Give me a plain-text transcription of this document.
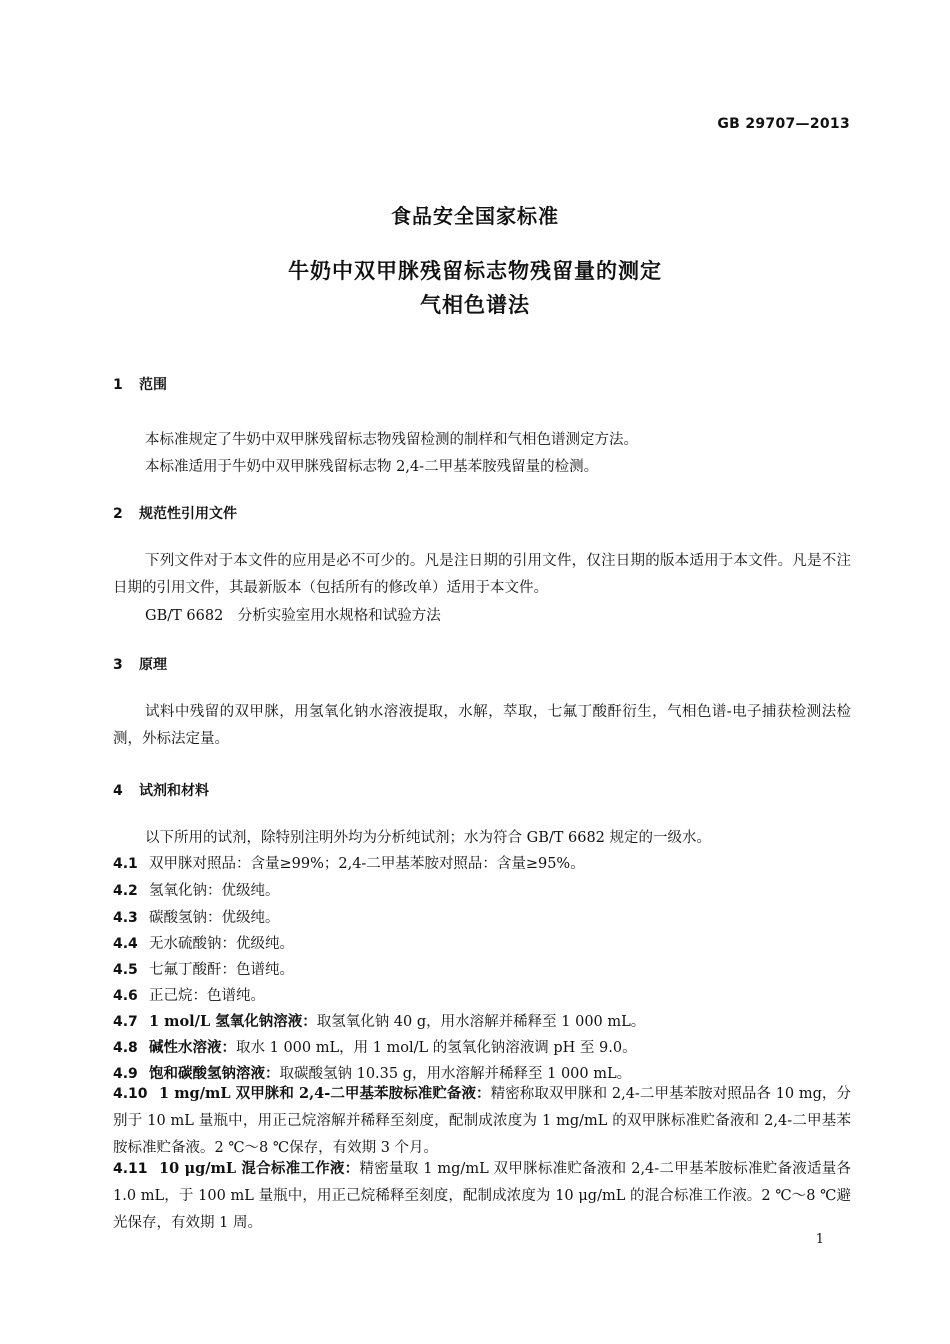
GB 29707—2013
食品安全国家标准
牛奶中双甲脒残留标志物残留量的测定
气相色谱法
1 范围
本标准规定了牛奶中双甲脒残留标志物残留检测的制样和气相色谱测定方法。
本标准适用于牛奶中双甲脒残留标志物 2,4-二甲基苯胺残留量的检测。
2 规范性引用文件
下列文件对于本文件的应用是必不可少的。凡是注日期的引用文件，仅注日期的版本适用于本文件。凡是不注日期的引用文件，其最新版本（包括所有的修改单）适用于本文件。
GB/T 6682　分析实验室用水规格和试验方法
3 原理
试料中残留的双甲脒，用氢氧化钠水溶液提取，水解，萃取，七氟丁酸酐衍生，气相色谱-电子捕获检测法检测，外标法定量。
4 试剂和材料
以下所用的试剂，除特别注明外均为分析纯试剂；水为符合 GB/T 6682 规定的一级水。
4.1 双甲脒对照品：含量≥99%；2,4-二甲基苯胺对照品：含量≥95%。
4.2 氢氧化钠：优级纯。
4.3 碳酸氢钠：优级纯。
4.4 无水硫酸钠：优级纯。
4.5 七氟丁酸酐：色谱纯。
4.6 正己烷：色谱纯。
4.7 1 mol/L 氢氧化钠溶液：取氢氧化钠 40 g，用水溶解并稀释至 1 000 mL。
4.8 碱性水溶液：取水 1 000 mL，用 1 mol/L 的氢氧化钠溶液调 pH 至 9.0。
4.9 饱和碳酸氢钠溶液：取碳酸氢钠 10.35 g，用水溶解并稀释至 1 000 mL。
4.10 1 mg/mL 双甲脒和 2,4-二甲基苯胺标准贮备液：精密称取双甲脒和 2,4-二甲基苯胺对照品各 10 mg，分别于 10 mL 量瓶中，用正己烷溶解并稀释至刻度，配制成浓度为 1 mg/mL 的双甲脒标准贮备液和 2,4-二甲基苯胺标准贮备液。2 ℃～8 ℃保存，有效期 3 个月。
4.11 10 μg/mL 混合标准工作液：精密量取 1 mg/mL 双甲脒标准贮备液和 2,4-二甲基苯胺标准贮备液适量各 1.0 mL，于 100 mL 量瓶中，用正己烷稀释至刻度，配制成浓度为 10 μg/mL 的混合标准工作液。2 ℃～8 ℃避光保存，有效期 1 周。
1
